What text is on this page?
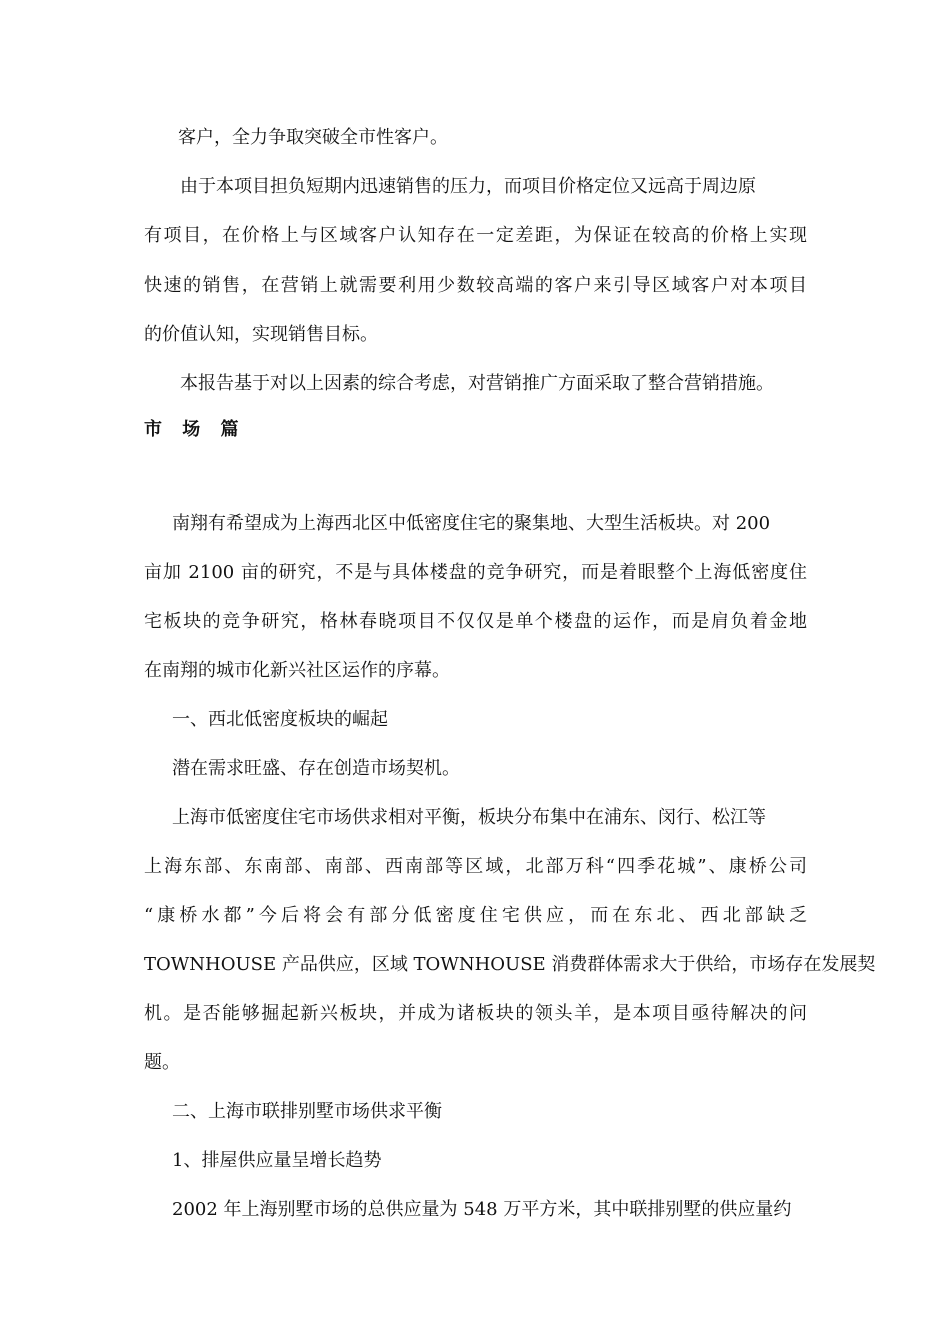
客户，全力争取突破全市性客户。
由于本项目担负短期内迅速销售的压力，而项目价格定位又远高于周边原
有项目，在价格上与区域客户认知存在一定差距，为保证在较高的价格上实现
快速的销售，在营销上就需要利用少数较高端的客户来引导区域客户对本项目
的价值认知，实现销售目标。
本报告基于对以上因素的综合考虑，对营销推广方面采取了整合营销措施。
市 场 篇
南翔有希望成为上海西北区中低密度住宅的聚集地、大型生活板块。对 200
亩加 2100 亩的研究，不是与具体楼盘的竞争研究，而是着眼整个上海低密度住
宅板块的竞争研究，格林春晓项目不仅仅是单个楼盘的运作，而是肩负着金地
在南翔的城市化新兴社区运作的序幕。
一、西北低密度板块的崛起
潜在需求旺盛、存在创造市场契机。
上海市低密度住宅市场供求相对平衡，板块分布集中在浦东、闵行、松江等
上海东部、东南部、南部、西南部等区域，北部万科“四季花城”、康桥公司
“康桥水都”今后将会有部分低密度住宅供应，而在东北、西北部缺乏
TOWNHOUSE 产品供应，区域 TOWNHOUSE 消费群体需求大于供给，市场存在发展契
机。是否能够掘起新兴板块，并成为诸板块的领头羊，是本项目亟待解决的问
题。
二、上海市联排别墅市场供求平衡
1、排屋供应量呈增长趋势
2002 年上海别墅市场的总供应量为 548 万平方米，其中联排别墅的供应量约
